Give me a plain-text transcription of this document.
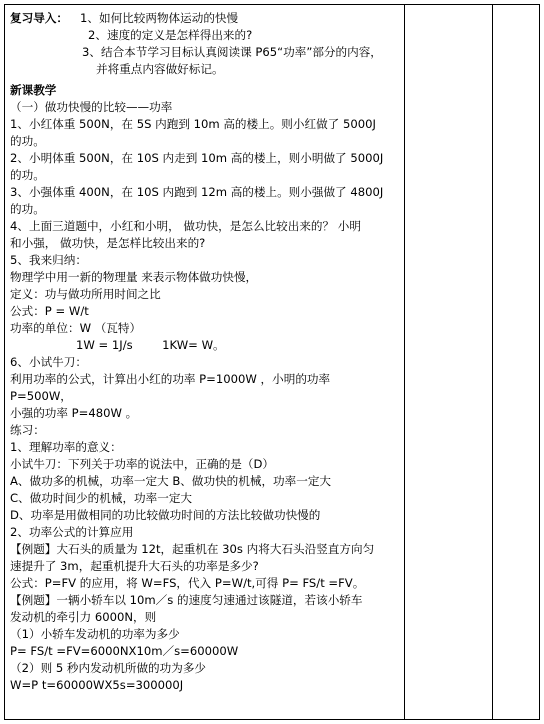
复习导入： 1、如何比较两物体运动的快慢
2、速度的定义是怎样得出来的?
3、结合本节学习目标认真阅读课 P65“功率”部分的内容，
并将重点内容做好标记。
新课教学
（一）做功快慢的比较——功率
1、小红体重 500N，在 5S 内跑到 10m 高的楼上。则小红做了 5000J
的功。
2、小明体重 500N，在 10S 内走到 10m 高的楼上，则小明做了 5000J
的功。
3、小强体重 400N，在 10S 内跑到 12m 高的楼上。则小强做了 4800J
的功。
4、上面三道题中，小红和小明， 做功快，是怎么比较出来的？ 小明
和小强， 做功快，是怎样比较出来的?
5、我来归纳：
物理学中用一新的物理量 来表示物体做功快慢，
定义：功与做功所用时间之比
公式：P = W/t
功率的单位：W （瓦特）
1W = 1J/s        1KW= W。
6、小试牛刀：
利用功率的公式，计算出小红的功率 P=1000W ，小明的功率
P=500W，
小强的功率 P=480W 。
练习：
1、理解功率的意义：
小试牛刀：下列关于功率的说法中，正确的是（D）
A、做功多的机械，功率一定大 B、做功快的机械，功率一定大
C、做功时间少的机械，功率一定大
D、功率是用做相同的功比较做功时间的方法比较做功快慢的
2、功率公式的计算应用
【例题】大石头的质量为 12t，起重机在 30s 内将大石头沿竖直方向匀
速提升了 3m，起重机提升大石头的功率是多少?
公式：P=FV 的应用，将 W=FS，代入 P=W/t,可得 P= FS/t =FV。
【例题】一辆小轿车以 10m／s 的速度匀速通过该隧道，若该小轿车
发动机的牵引力 6000N，则
（1）小轿车发动机的功率为多少
P= FS/t =FV=6000NX10m／s=60000W
（2）则 5 秒内发动机所做的功为多少
W=P t=60000WX5s=300000J
